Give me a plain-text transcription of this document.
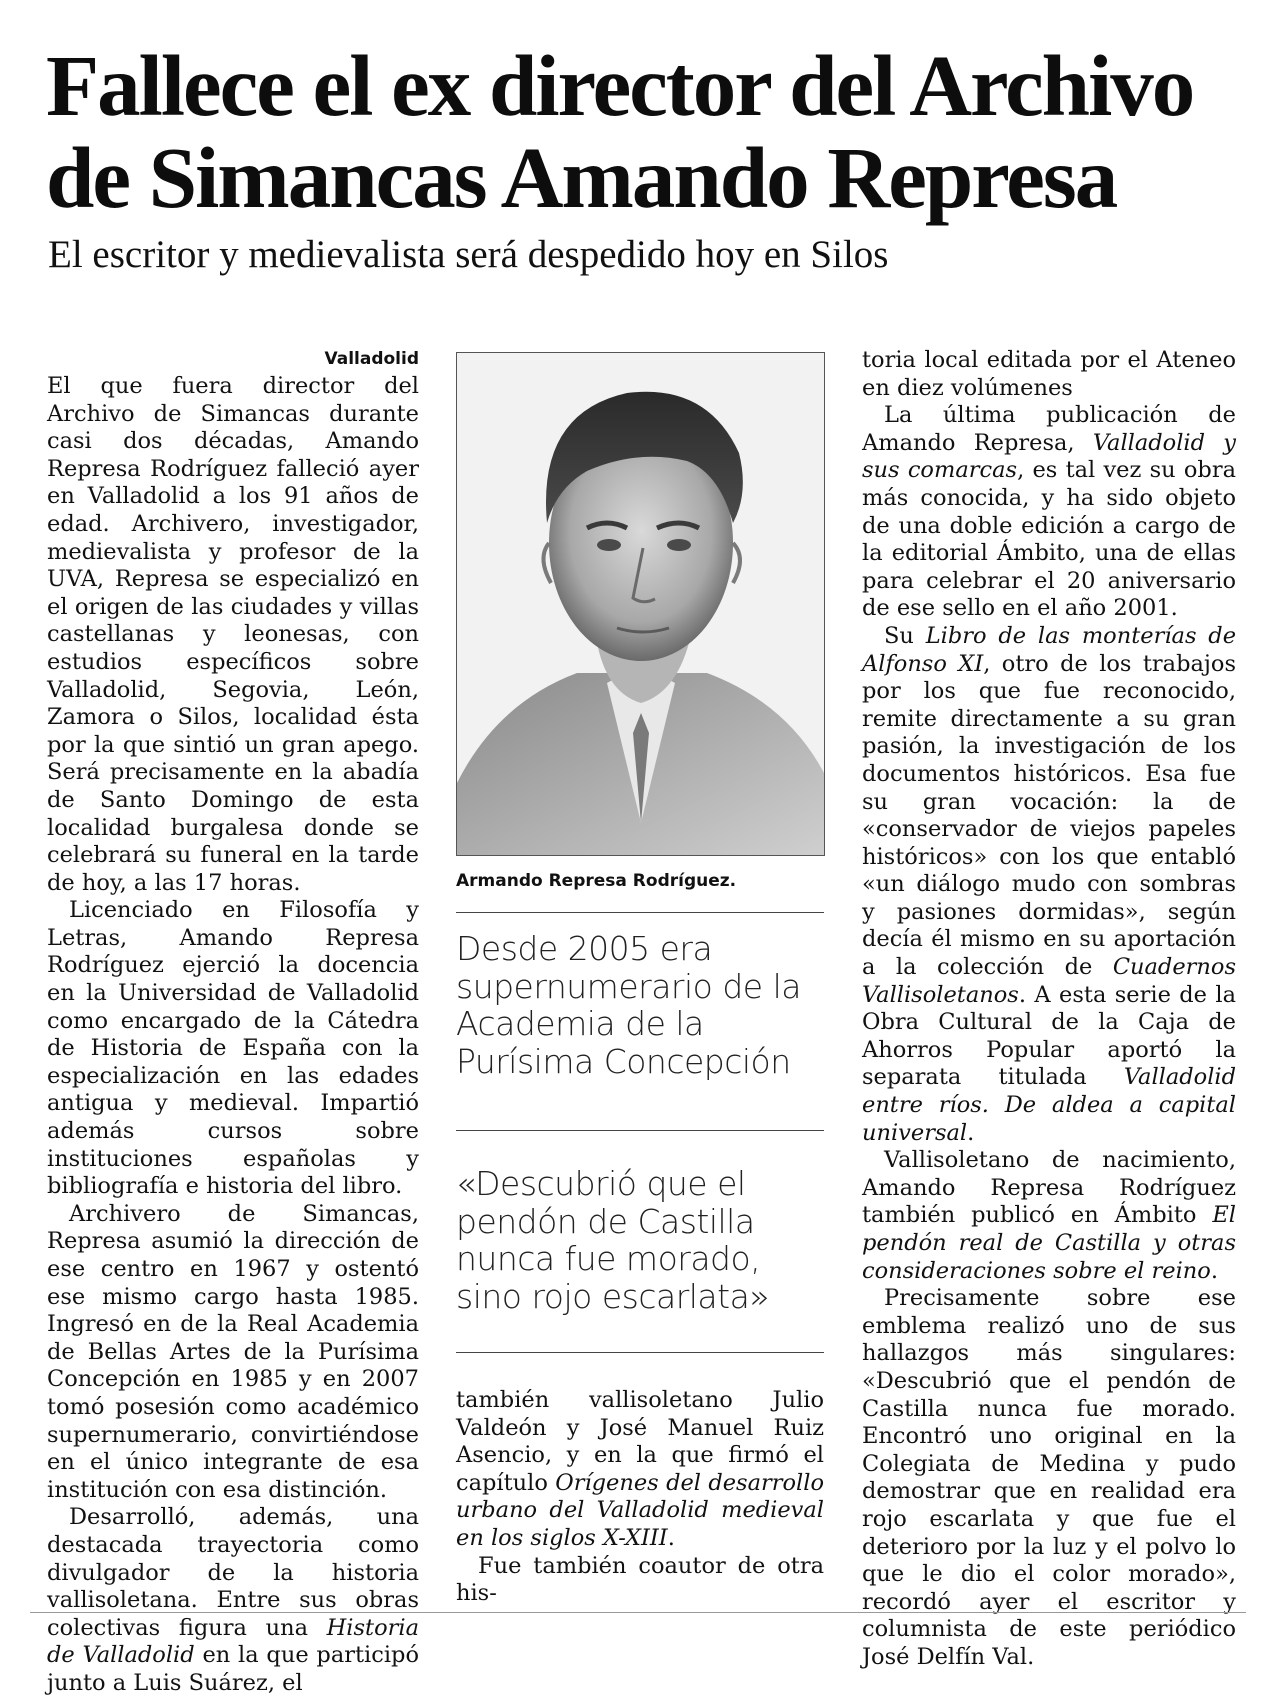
Fallece el ex director del Archivo
de Simancas Amando Represa
El escritor y medievalista será despedido hoy en Silos
Valladolid

El que fuera director del Archivo de Simancas durante casi dos décadas, Amando Represa Rodríguez falleció ayer en Valladolid a los 91 años de edad. Archivero, investigador, medievalista y profesor de la UVA, Represa se especializó en el origen de las ciudades y villas castellanas y leonesas, con estudios específicos sobre Valladolid, Segovia, León, Zamora o Silos, localidad ésta por la que sintió un gran apego. Será precisamente en la abadía de Santo Domingo de esta localidad burgalesa donde se celebrará su funeral en la tarde de hoy, a las 17 horas.

Licenciado en Filosofía y Letras, Amando Represa Rodríguez ejerció la docencia en la Universidad de Valladolid como encargado de la Cátedra de Historia de España con la especialización en las edades antigua y medieval. Impartió además cursos sobre instituciones españolas y bibliografía e historia del libro.

Archivero de Simancas, Represa asumió la dirección de ese centro en 1967 y ostentó ese mismo cargo hasta 1985. Ingresó en de la Real Academia de Bellas Artes de la Purísima Concepción en 1985 y en 2007 tomó posesión como académico supernumerario, convirtiéndose en el único integrante de esa institución con esa distinción.

Desarrolló, además, una destacada trayectoria como divulgador de la historia vallisoletana. Entre sus obras colectivas figura una Historia de Valladolid en la que participó junto a Luis Suárez, el

Armando Represa Rodríguez.

Desde 2005 era supernumerario de la Academia de la Purísima Concepción

«Descubrió que el pendón de Castilla nunca fue morado, sino rojo escarlata»

también vallisoletano Julio Valdeón y José Manuel Ruiz Asencio, y en la que firmó el capítulo Orígenes del desarrollo urbano del Valladolid medieval en los siglos X-XIII.

Fue también coautor de otra his-

toria local editada por el Ateneo en diez volúmenes

La última publicación de Amando Represa, Valladolid y sus comarcas, es tal vez su obra más conocida, y ha sido objeto de una doble edición a cargo de la editorial Ámbito, una de ellas para celebrar el 20 aniversario de ese sello en el año 2001.

Su Libro de las monterías de Alfonso XI, otro de los trabajos por los que fue reconocido, remite directamente a su gran pasión, la investigación de los documentos históricos. Esa fue su gran vocación: la de «conservador de viejos papeles históricos» con los que entabló «un diálogo mudo con sombras y pasiones dormidas», según decía él mismo en su aportación a la colección de Cuadernos Vallisoletanos. A esta serie de la Obra Cultural de la Caja de Ahorros Popular aportó la separata titulada Valladolid entre ríos. De aldea a capital universal.

Vallisoletano de nacimiento, Amando Represa Rodríguez también publicó en Ámbito El pendón real de Castilla y otras consideraciones sobre el reino.

Precisamente sobre ese emblema realizó uno de sus hallazgos más singulares: «Descubrió que el pendón de Castilla nunca fue morado. Encontró uno original en la Colegiata de Medina y pudo demostrar que en realidad era rojo escarlata y que fue el deterioro por la luz y el polvo lo que le dio el color morado», recordó ayer el escritor y columnista de este periódico José Delfín Val.
